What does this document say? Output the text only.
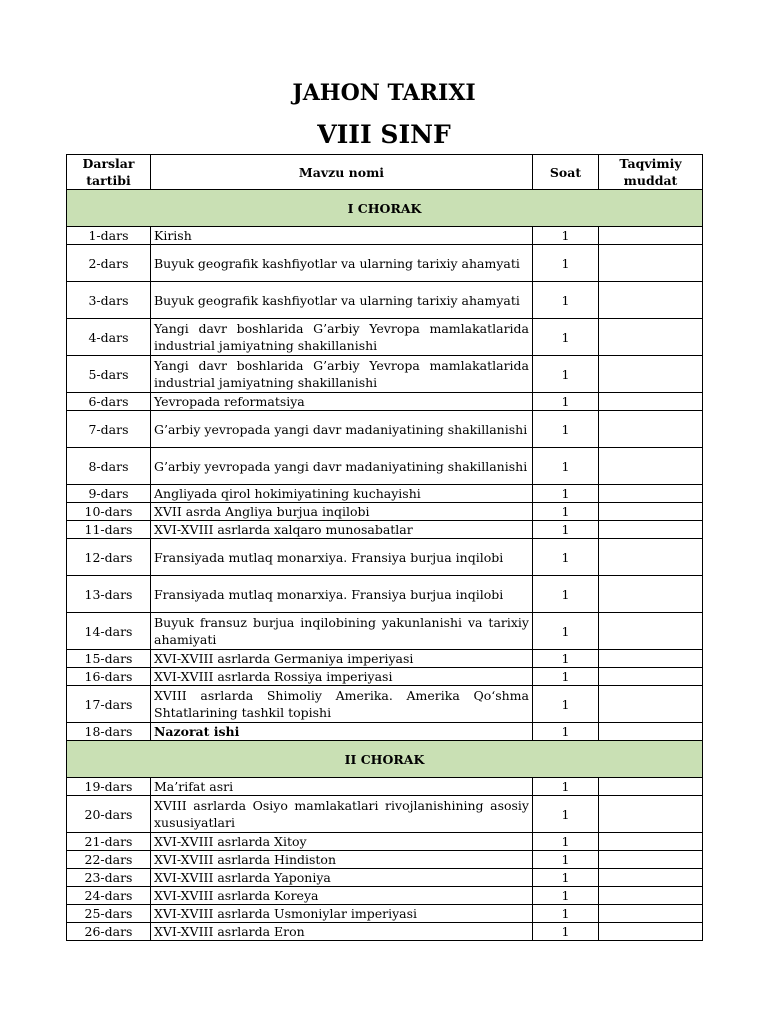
JAHON TARIXI
VIII SINF
Darslar tartibi	Mavzu nomi	Soat	Taqvimiy muddat
I CHORAK			
1-dars	Kirish	1	
2-dars	Buyuk geografik kashfiyotlar va ularning tarixiy ahamyati	1	
3-dars	Buyuk geografik kashfiyotlar va ularning tarixiy ahamyati	1	
4-dars	Yangi davr boshlarida G’arbiy Yevropa mamlakatlarida industrial jamiyatning shakillanishi	1	
5-dars	Yangi davr boshlarida G’arbiy Yevropa mamlakatlarida industrial jamiyatning shakillanishi	1	
6-dars	Yevropada reformatsiya	1	
7-dars	G’arbiy yevropada yangi davr madaniyatining shakillanishi	1	
8-dars	G’arbiy yevropada yangi davr madaniyatining shakillanishi	1	
9-dars	Angliyada qirol hokimiyatining kuchayishi	1	
10-dars	XVII asrda Angliya burjua inqilobi	1	
11-dars	XVI-XVIII asrlarda xalqaro munosabatlar	1	
12-dars	Fransiyada mutlaq monarxiya. Fransiya burjua inqilobi	1	
13-dars	Fransiyada mutlaq monarxiya. Fransiya burjua inqilobi	1	
14-dars	Buyuk fransuz burjua inqilobining yakunlanishi va tarixiy ahamiyati	1	
15-dars	XVI-XVIII asrlarda Germaniya imperiyasi	1	
16-dars	XVI-XVIII asrlarda Rossiya imperiyasi	1	
17-dars	XVIII asrlarda Shimoliy Amerika. Amerika Qo‘shma Shtatlarining tashkil topishi	1	
18-dars	Nazorat ishi	1	
II CHORAK			
19-dars	Ma’rifat asri	1	
20-dars	XVIII asrlarda Osiyo mamlakatlari rivojlanishining asosiy xususiyatlari	1	
21-dars	XVI-XVIII asrlarda Xitoy	1	
22-dars	XVI-XVIII asrlarda Hindiston	1	
23-dars	XVI-XVIII asrlarda Yaponiya	1	
24-dars	XVI-XVIII asrlarda Koreya	1	
25-dars	XVI-XVIII asrlarda Usmoniylar imperiyasi	1	
26-dars	XVI-XVIII asrlarda Eron	1	
